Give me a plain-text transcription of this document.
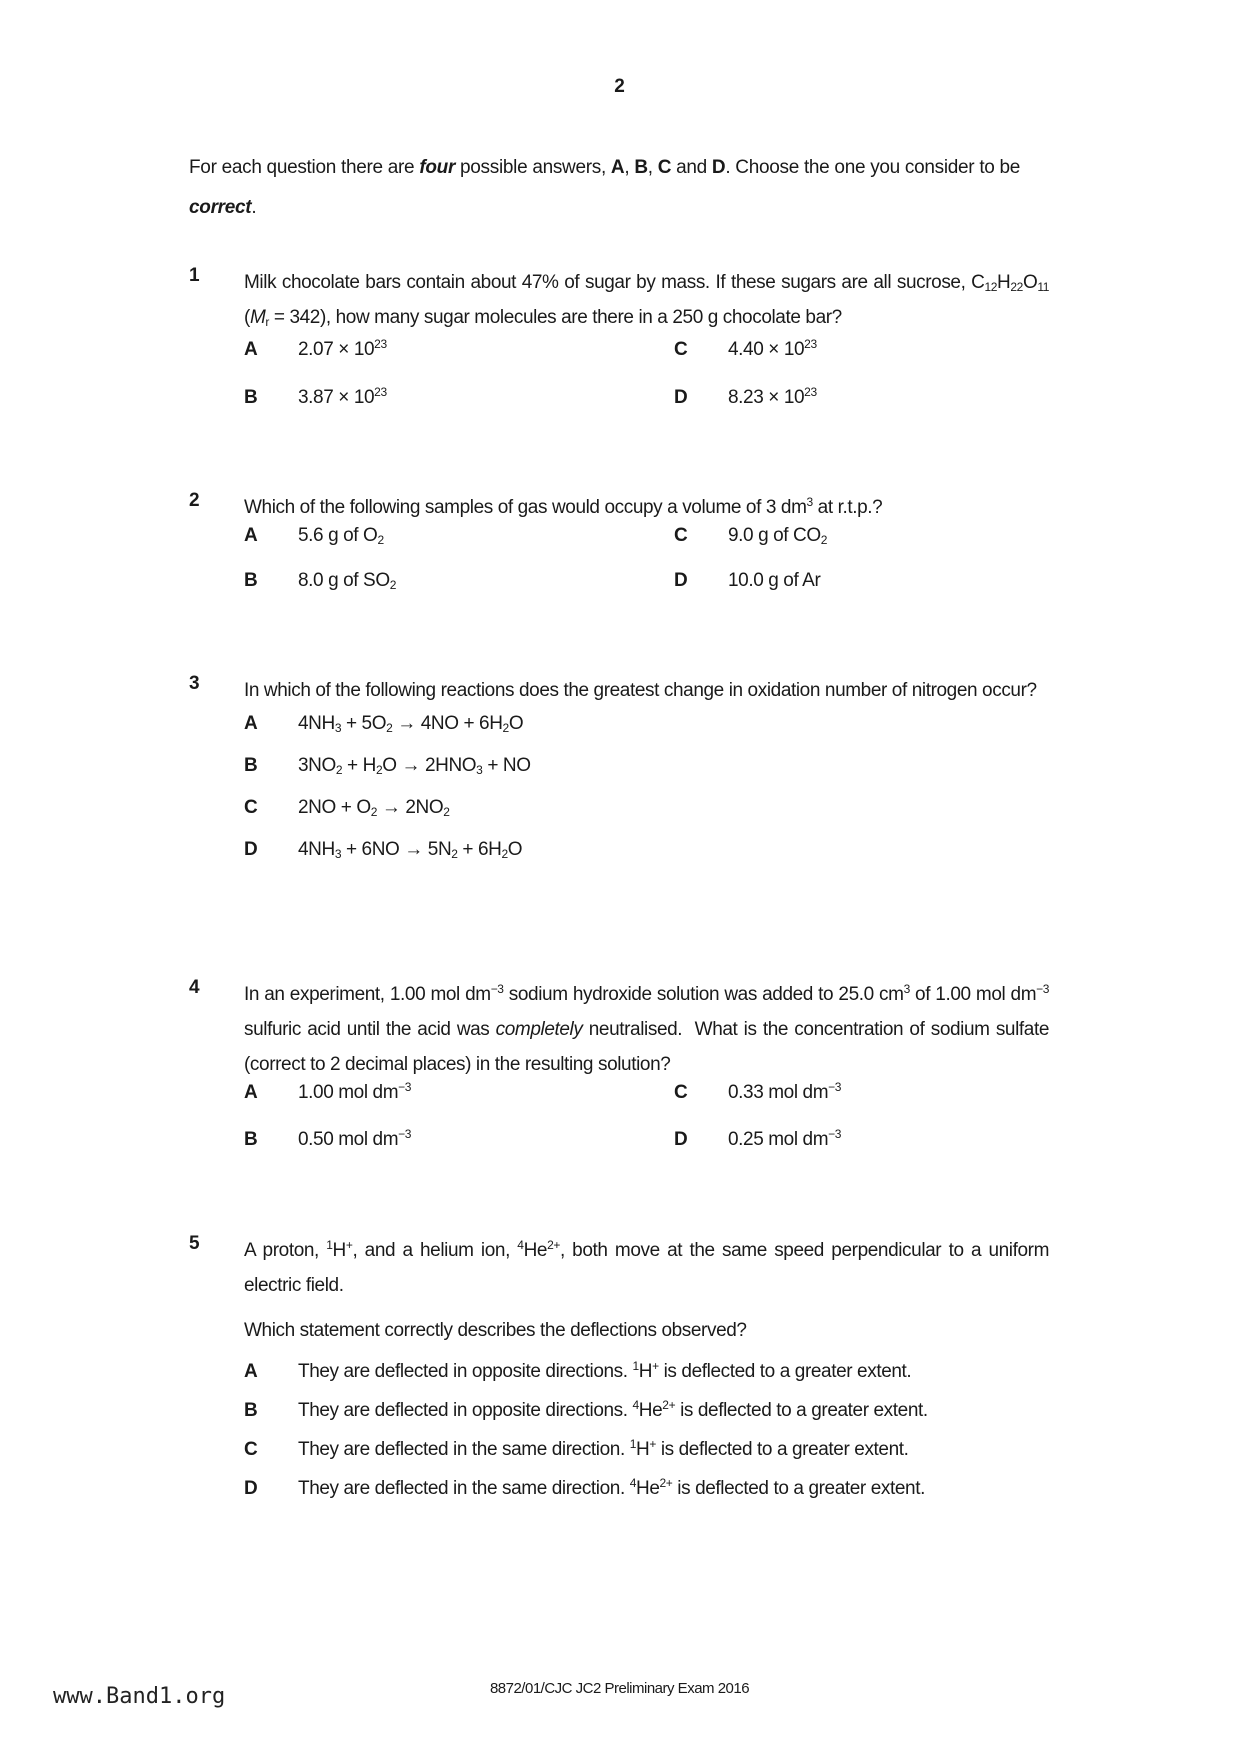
2
For each question there are four possible answers, A, B, C and D. Choose the one you consider to be correct.
1 Milk chocolate bars contain about 47% of sugar by mass. If these sugars are all sucrose, $C_{12}H_{22}O_{11}$ $(M_r = 342)$, how many sugar molecules are there in a 250 g chocolate bar?
A $2.07 \times 10^{23}$
B $3.87 \times 10^{23}$
C $4.40 \times 10^{23}$
D $8.23 \times 10^{23}$
2 Which of the following samples of gas would occupy a volume of 3 $dm^3$ at r.t.p.?
A 5.6 g of $O_2$
B 8.0 g of $SO_2$
C 9.0 g of $CO_2$
D 10.0 g of Ar
3 In which of the following reactions does the greatest change in oxidation number of nitrogen occur?
A $4NH_3 + 5O_2 \to 4NO + 6H_2O$
B $3NO_2 + H_2O \to 2HNO_3$ + NO
C $2NO + O_2 \to 2NO_2$
D $4NH_3 + 6NO \to 5N_2 + 6H_2O$
4 In an experiment, 1.00 mol $dm^{-3}$ sodium hydroxide solution was added to 25.0 $cm^3$ of 1.00 mol $dm^{-3}$ sulfuric acid until the acid was completely neutralised.  What is the concentration of sodium sulfate (correct to 2 decimal places) in the resulting solution?
A 1.00 mol $dm^{-3}$
B 0.50 mol $dm^{-3}$
C 0.33 mol $dm^{-3}$
D 0.25 mol $dm^{-3}$
5 A proton, $^1$H+, and a helium ion, $^4He^{2+}$, both move at the same speed perpendicular to a uniform electric field.
Which statement correctly describes the deflections observed?
A They are deflected in opposite directions. $^1$H+ is deflected to a greater extent.
B They are deflected in opposite directions. $^4He^{2+}$ is deflected to a greater extent.
C They are deflected in the same direction. $^1$H+ is deflected to a greater extent.
D They are deflected in the same direction. $^4He^{2+}$ is deflected to a greater extent.
8872/01/CJC JC2 Preliminary Exam 2016
www.Band1.org
